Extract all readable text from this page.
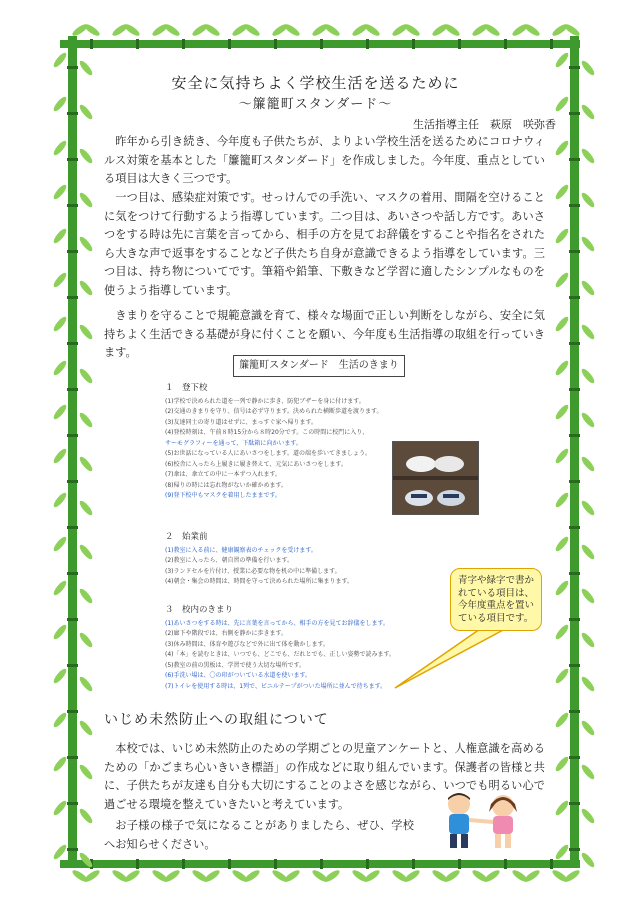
安全に気持ちよく学校生活を送るために
～簾籠町スタンダード～
生活指導主任　萩原　咲弥香

昨年から引き続き、今年度も子供たちが、よりよい学校生活を送るためにコロナウィルス対策を基本とした「簾籠町スタンダード」を作成しました。今年度、重点としている項目は大きく三つです。

一つ目は、感染症対策です。せっけんでの手洗い、マスクの着用、間隔を空けることに気をつけて行動するよう指導しています。二つ目は、あいさつや話し方です。あいさつをする時は先に言葉を言ってから、相手の方を見てお辞儀をすることや指名をされたら大きな声で返事をすることなど子供たち自身が意識できるよう指導をしています。三つ目は、持ち物についてです。筆箱や鉛筆、下敷きなど学習に適したシンプルなものを使うよう指導しています。

きまりを守ることで規範意識を育て、様々な場面で正しい判断をしながら、安全に気持ちよく生活できる基礎が身に付くことを願い、今年度も生活指導の取組を行っていきます。

簾籠町スタンダード　生活のきまり
１　登下校
(1)学校で決められた道を一列で静かに歩き、防犯ブザーを身に付けます。
(2)交通のきまりを守り、信号は必ず守ります。決められた横断歩道を渡ります。
(3)友達同士の寄り道はせずに、まっすぐ家へ帰ります。
(4)登校時刻は、午前８時15分から８時20分です。この時間に校門に入り、
サーモグラフィーを通って、下駄箱に向かいます。
(5)お世話になっている人にあいさつをします。道の端を歩いてきましょう。
(6)校舎に入ったら上履きに履き替えて、元気にあいさつをします。
(7)傘は、傘立ての中に一本ずつ入れます。
(8)帰りの時には忘れ物がないか確かめます。
(9)登下校中もマスクを着用したままです。
２　始業前
(1)教室に入る前に、健康観察表のチェックを受けます。
(2)教室に入ったら、朝自習の準備を行います。
(3)ランドセルを片付け、授業に必要な物を机の中に準備します。
(4)朝会・集会の時間は、時間を守って決められた場所に集まります。
３　校内のきまり
(1)あいさつをする時は、先に言葉を言ってから、相手の方を見てお辞儀をします。
(2)廊下や階段では、右側を静かに歩きます。
(3)休み時間は、体育や遊びなどで外に出て体を動かします。
(4)「本」を読むときは、いつでも、どこでも、だれとでも、正しい姿勢で読みます。
(5)教室の前の黒板は、学習で使う大切な場所です。
(6)手洗い場は、〇の印がついている水道を使います。
(7)トイレを使用する時は、1列で、ビニルテープがついた場所に並んで待ちます。
青字や緑字で書かれている項目は、今年度重点を置いている項目です。
いじめ未然防止への取組について

本校では、いじめ未然防止のための学期ごとの児童アンケートと、人権意識を高めるための「かごまち心いきいき標語」の作成などに取り組んでいます。保護者の皆様と共に、子供たちが友達も自分も大切にすることのよさを感じながら、いつでも明るい心で過ごせる環境を整えていきたいと考えています。

お子様の様子で気になることがありましたら、ぜひ、学校へお知らせください。
